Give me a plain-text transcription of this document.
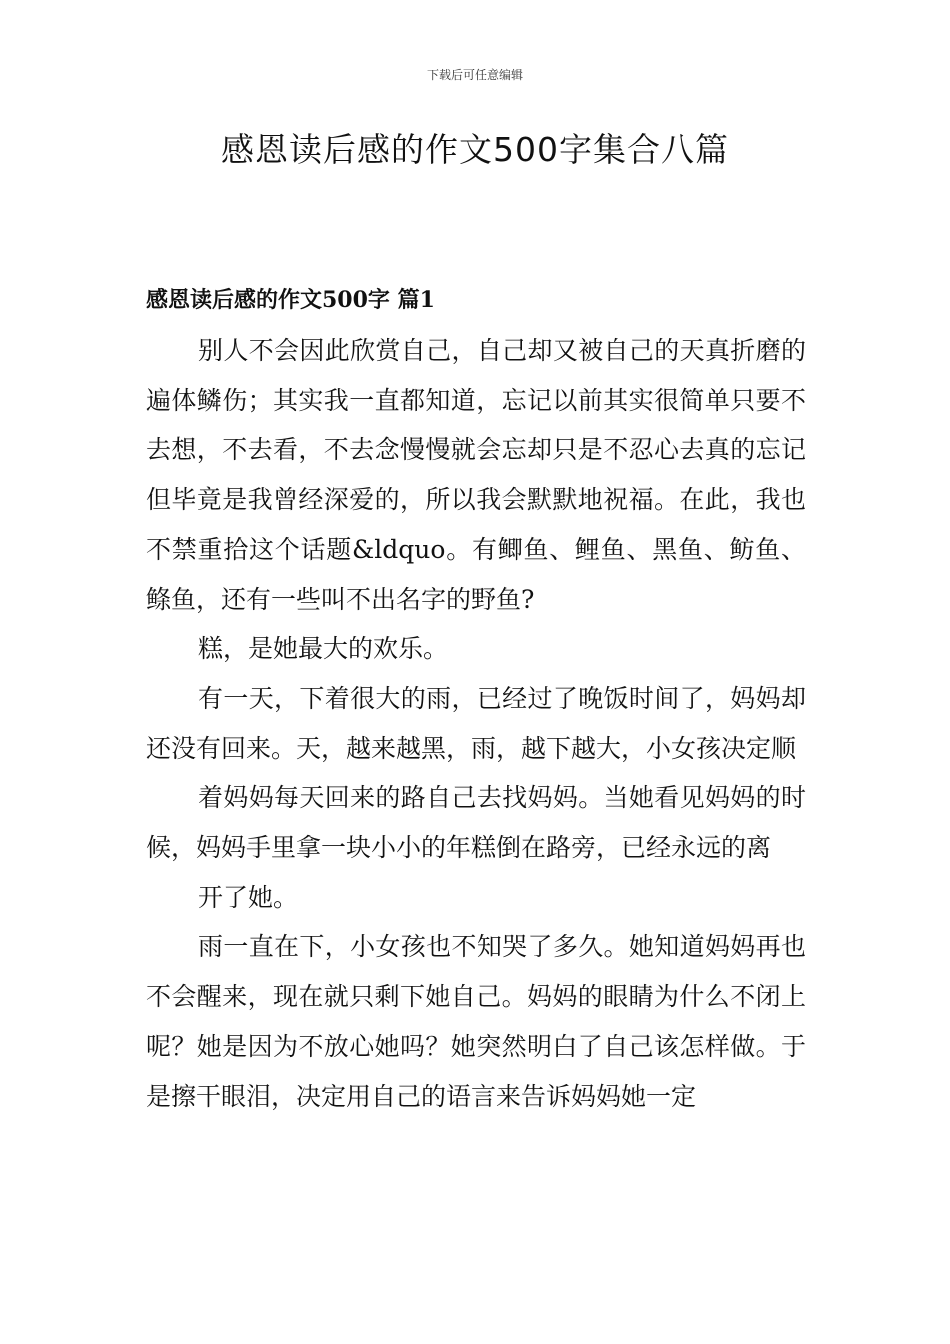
下载后可任意编辑
感恩读后感的作文500字集合八篇
感恩读后感的作文500字 篇1

别人不会因此欣赏自己，自己却又被自己的天真折磨的遍体鳞伤；其实我一直都知道，忘记以前其实很简单只要不去想，不去看，不去念慢慢就会忘却只是不忍心去真的忘记但毕竟是我曾经深爱的，所以我会默默地祝福。在此，我也不禁重拾这个话题&ldquo。有鲫鱼、鲤鱼、黑鱼、鲂鱼、鲦鱼，还有一些叫不出名字的野鱼?

糕，是她最大的欢乐。

有一天，下着很大的雨，已经过了晚饭时间了，妈妈却还没有回来。天，越来越黑，雨，越下越大，小女孩决定顺

着妈妈每天回来的路自己去找妈妈。当她看见妈妈的时候，妈妈手里拿一块小小的年糕倒在路旁，已经永远的离

开了她。

雨一直在下，小女孩也不知哭了多久。她知道妈妈再也不会醒来，现在就只剩下她自己。妈妈的眼睛为什么不闭上呢？她是因为不放心她吗？她突然明白了自己该怎样做。于是擦干眼泪，决定用自己的语言来告诉妈妈她一定
